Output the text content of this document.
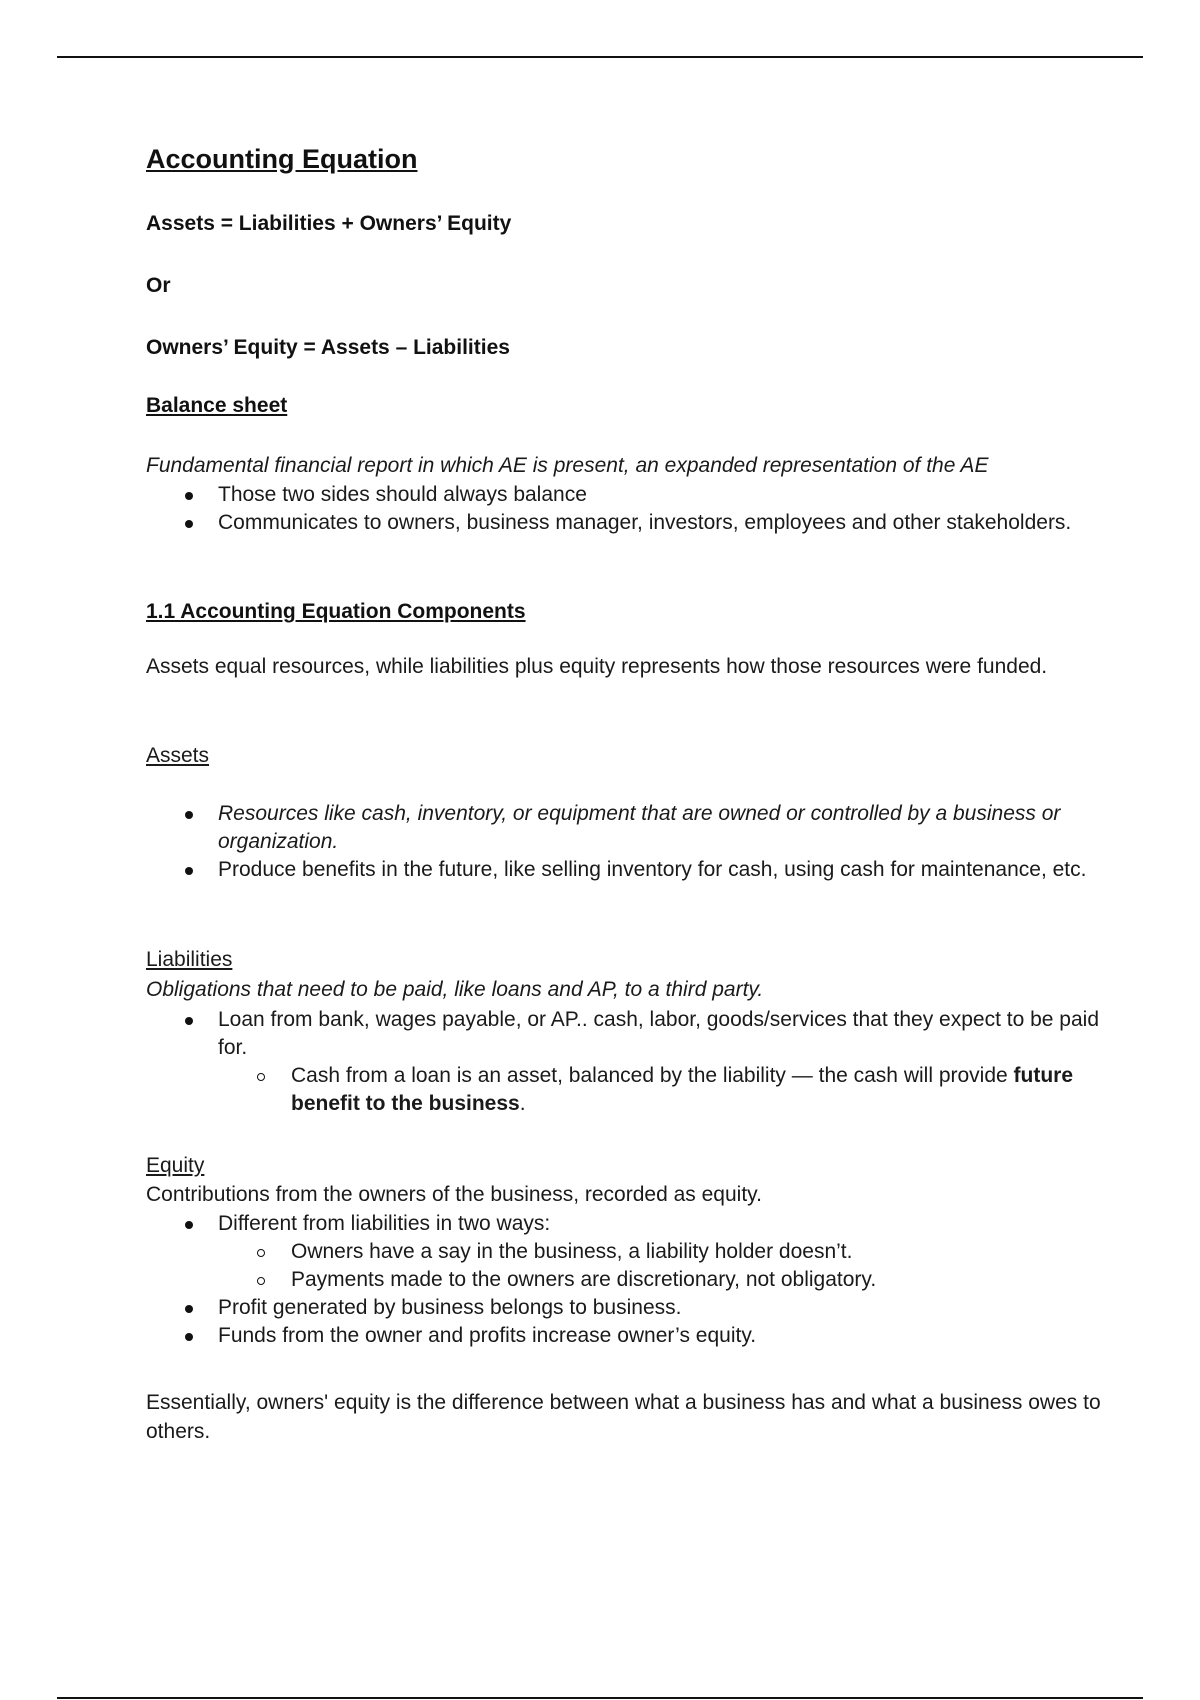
Accounting Equation

Assets = Liabilities + Owners’ Equity

Or

Owners’ Equity = Assets – Liabilities

Balance sheet

Fundamental financial report in which AE is present, an expanded representation of the AE

Those two sides should always balance
Communicates to owners, business manager, investors, employees and other stakeholders.

1.1 Accounting Equation Components

Assets equal resources, while liabilities plus equity represents how those resources were funded.

Assets

Resources like cash, inventory, or equipment that are owned or controlled by a business or organization.
Produce benefits in the future, like selling inventory for cash, using cash for maintenance, etc.

Liabilities

Obligations that need to be paid, like loans and AP, to a third party.

Loan from bank, wages payable, or AP.. cash, labor, goods/services that they expect to be paid for.
Cash from a loan is an asset, balanced by the liability — the cash will provide future benefit to the business.

Equity

Contributions from the owners of the business, recorded as equity.

Different from liabilities in two ways:
Owners have a say in the business, a liability holder doesn’t.
Payments made to the owners are discretionary, not obligatory.
Profit generated by business belongs to business.
Funds from the owner and profits increase owner’s equity.

Essentially, owners' equity is the difference between what a business has and what a business owes to others.
